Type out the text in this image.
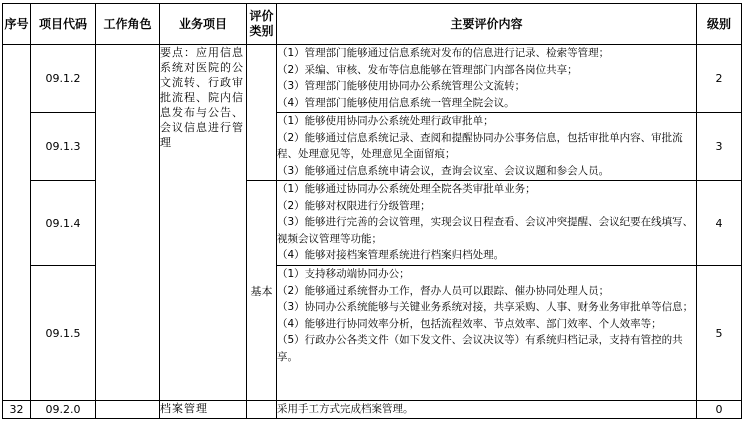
序号	项目代码	工作角色	业务项目	评价类别	主要评价内容	级别
	09.1.2		要点：应用信息系统对医院的公文流转、行政审批流程、院内信息发布与公告、会议信息进行管理		（1）管理部门能够通过信息系统对发布的信息进行记录、检索等管理；
（2）采编、审核、发布等信息能够在管理部门内部各岗位共享；
（3）管理部门能够使用协同办公系统管理公文流转；
（4）管理部门能够使用信息系统一管理全院会议。	2
	09.1.3				（1）能够使用协同办公系统处理行政审批单；
（2）能够通过信息系统记录、查阅和提醒协同办公事务信息，包括审批单内容、审批流程、处理意见等，处理意见全面留痕；
（3）能够通过信息系统申请会议，查询会议室、会议议题和参会人员。	3
	09.1.4			基本	（1）能够通过协同办公系统处理全院各类审批单业务；
（2）能够对权限进行分级管理；
（3）能够进行完善的会议管理，实现会议日程查看、会议冲突提醒、会议纪要在线填写、视频会议管理等功能；
（4）能够对接档案管理系统进行档案归档处理。	4
	09.1.5				（1）支持移动端协同办公；
（2）能够通过系统督办工作，督办人员可以跟踪、催办协同处理人员；
（3）协同办公系统能够与关键业务系统对接，共享采购、人事、财务业务审批单等信息；
（4）能够进行协同效率分析，包括流程效率、节点效率、部门效率、个人效率等；
（5）行政办公各类文件（如下发文件、会议决议等）有系统归档记录，支持有管控的共享。	5
32	09.2.0		档案管理		采用手工方式完成档案管理。	0
